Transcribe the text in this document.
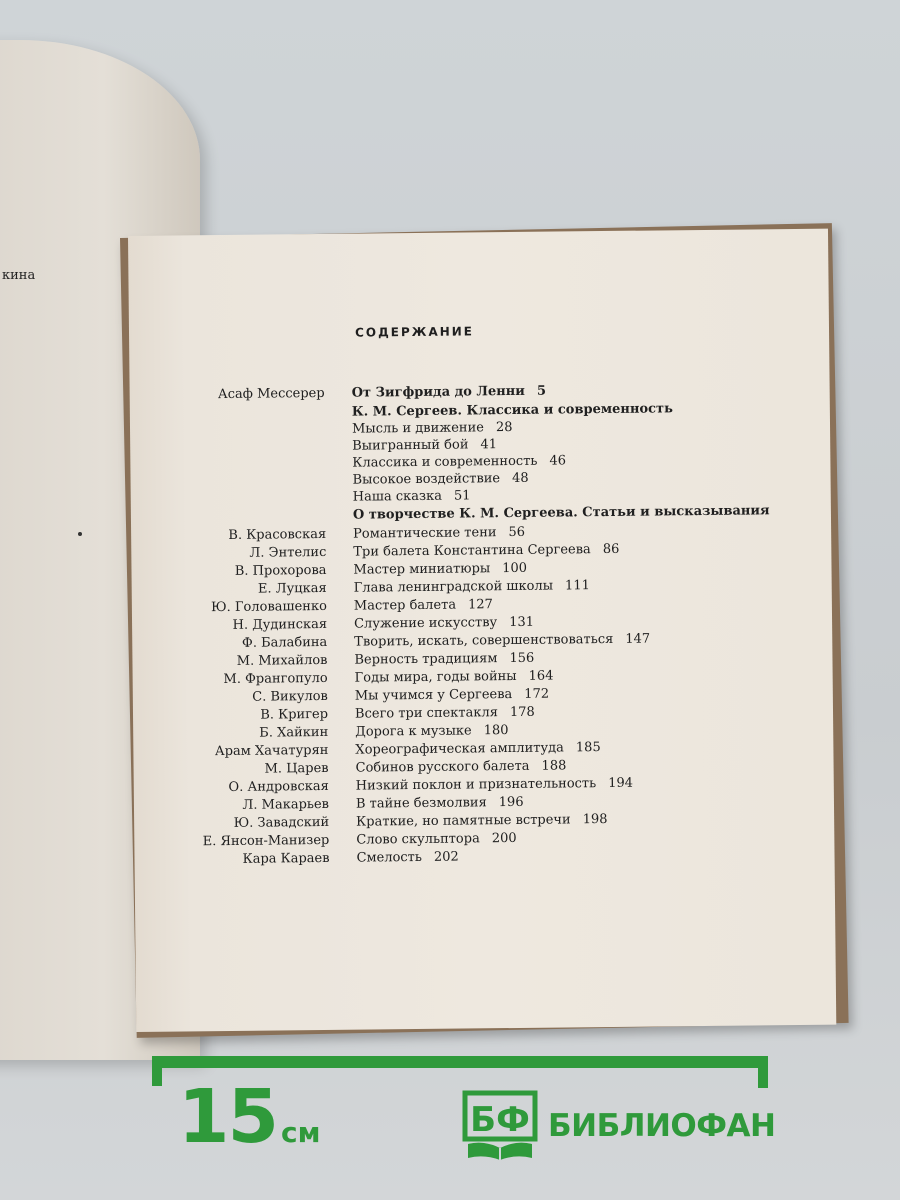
кина
СОДЕРЖАНИЕ
Асаф Мессерер От Зигфрида до Ленни 5
К. М. Сергеев. Классика и современность
Мысль и движение 28
Выигранный бой 41
Классика и современность 46
Высокое воздействие 48
Наша сказка 51
О творчестве К. М. Сергеева. Статьи и высказывания
В. Красовская Романтические тени 56
Л. Энтелис Три балета Константина Сергеева 86
В. Прохорова Мастер миниатюры 100
Е. Луцкая Глава ленинградской школы 111
Ю. Головашенко Мастер балета 127
Н. Дудинская Служение искусству 131
Ф. Балабина Творить, искать, совершенствоваться 147
М. Михайлов Верность традициям 156
М. Франгопуло Годы мира, годы войны 164
С. Викулов Мы учимся у Сергеева 172
В. Кригер Всего три спектакля 178
Б. Хайкин Дорога к музыке 180
Арам Хачатурян Хореографическая амплитуда 185
М. Царев Собинов русского балета 188
О. Андровская Низкий поклон и признательность 194
Л. Макарьев В тайне безмолвия 196
Ю. Завадский Краткие, но памятные встречи 198
Е. Янсон-Манизер Слово скульптора 200
Кара Караев Смелость 202
15 см	БФ БИБЛИОФАН
